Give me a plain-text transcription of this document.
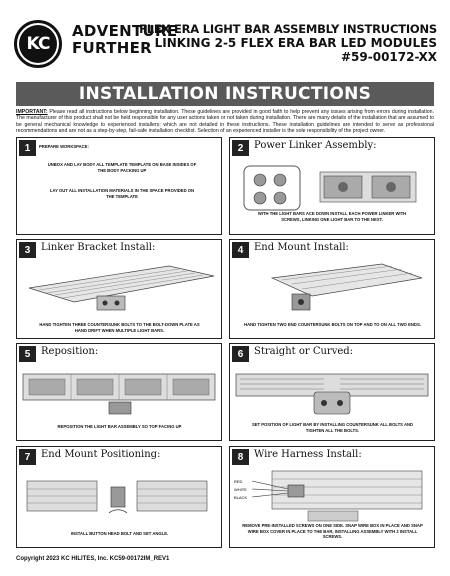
KC
ADVENTURE
FURTHER
FLEX ERA LIGHT BAR ASSEMBLY INSTRUCTIONS
LINKING 2-5 FLEX ERA BAR LED MODULES
#59-00172-XX
INSTALLATION INSTRUCTIONS
IMPORTANT: Please read all instructions below beginning installation. These guidelines are provided in good faith to help prevent any issues arising from errors during installation. The manufacturer of this product shall not be held responsible for any user actions taken or not taken during installation. There are many details of the installation that are assumed to be general mechanical knowledge to experienced installers; which are not detailed in these instructions. These installation guidelines are intended to serve as professional recommendations and are not as a step-by-step, fail-safe installation checklist. Selection of an experienced installer is the sole responsibility of the project owner.
1	PREPARE WORKSPACE:
UNBOX AND LAY BODY ALL TEMPLATE TEMPLATE ON BASE INSIDES OF THE BODY PACKING UP
LAY OUT ALL INSTALLATION MATERIALS IN THE SPACE PROVIDED ON THE TEMPLATE
2	Power Linker Assembly:
WITH THE LIGHT BARS ACE DOWN INSTALL EACH POWER LINKER WITH SCREWS, LINKING ONE LIGHT BAR TO THE NEXT.
3	Linker Bracket Install:
HAND TIGHTEN THREE COUNTERSUNK BOLTS TO THE BOLT-DOWN PLATE AS HAND DRIFT WHEN MULTIPLE LIGHT BARS.
4	End Mount Install:
HAND TIGHTEN TWO END COUNTERSUNK BOLTS ON TOP AND TO ON ALL TWO ENDS.
5	Reposition:
REPOSITION THE LIGHT BAR ASSEMBLY SO TOP FACING UP
6	Straight or Curved:
SET POSITION OF LIGHT BAR BY INSTALLING COUNTERSUNK ALL BOLTS AND TIGHTEN ALL THE BOLTS.
7	End Mount Positioning:
INSTALL BUTTON HEAD BOLT AND SET ANGLE.
8	Wire Harness Install:
RED
WHITE
BLACK
REMOVE PRE-INSTALLED SCREWS ON ONE SIDE. SNAP WIRE BOX IN PLACE AND SNAP WIRE BOX COVER IN PLACE TO THE BAR, INSTALLING ASSEMBLY WITH 2 INSTALL SCREWS.
Copyright 2023 KC HILITES, Inc. KC59-00172IM_REV1
